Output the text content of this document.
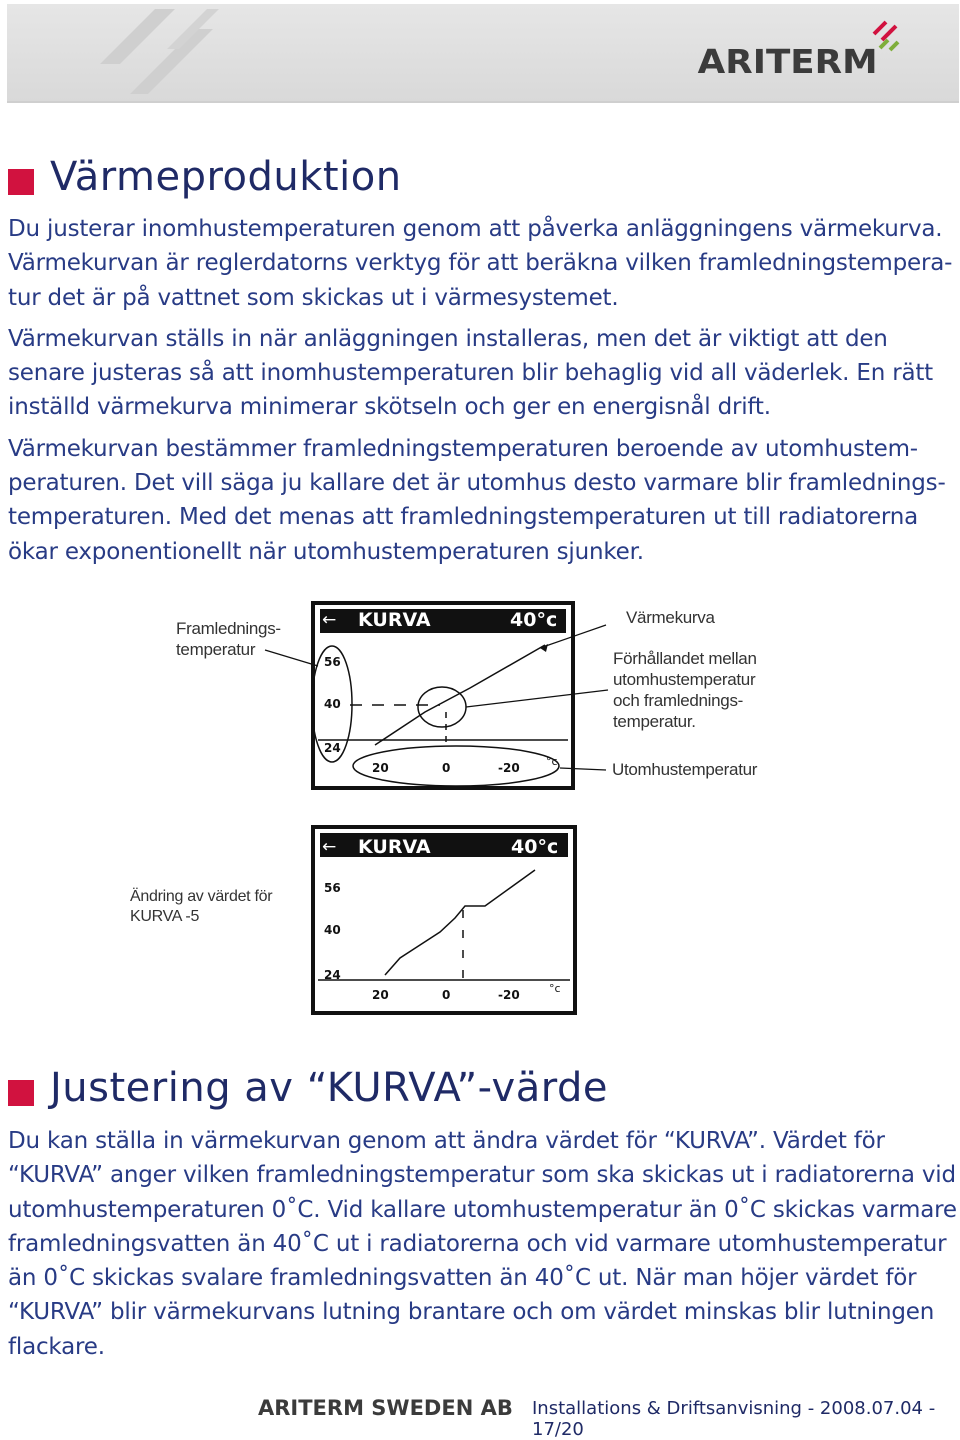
ARITERM
Värmeproduktion

Du justerar inomhustemperaturen genom att påverka anläggningens värmekurva. Värmekurvan är reglerdatorns verktyg för att beräkna vilken framledningstempera-tur det är på vattnet som skickas ut i värmesystemet.

Värmekurvan ställs in när anläggningen installeras, men det är viktigt att den senare justeras så att inomhustemperaturen blir behaglig vid all väderlek. En rätt inställd värmekurva minimerar skötseln och ger en energisnål drift.

Värmekurvan bestämmer framledningstemperaturen beroende av utomhustem-peraturen. Det vill säga ju kallare det är utomhus desto varmare blir framlednings-temperaturen. Med det menas att framledningstemperaturen ut till radiatorerna ökar exponentionellt när utomhustemperaturen sjunker.

← KURVA	40°c
56
40
24
20	0	-20 °c
Framlednings-
temperatur
Värmekurva
Förhållandet mellan
utomhustemperatur
och framlednings-
temperatur.
Utomhustemperatur
← KURVA	40°c
56
40
24
20	0	-20	°c
Ändring av värdet för
KURVA -5
Justering av “KURVA”-värde

Du kan ställa in värmekurvan genom att ändra värdet för “KURVA”. Värdet för “KURVA” anger vilken framledningstemperatur som ska skickas ut i radiatorerna vid utomhustemperaturen 0˚C. Vid kallare utomhustemperatur än 0˚C skickas varmare framledningsvatten än 40˚C ut i radiatorerna och vid varmare utomhustemperatur än 0˚C skickas svalare framledningsvatten än 40˚C ut. När man höjer värdet för “KURVA” blir värmekurvans lutning brantare och om värdet minskas blir lutningen flackare.

ARITERM SWEDEN AB Installations & Driftsanvisning - 2008.07.04 - 17/20
